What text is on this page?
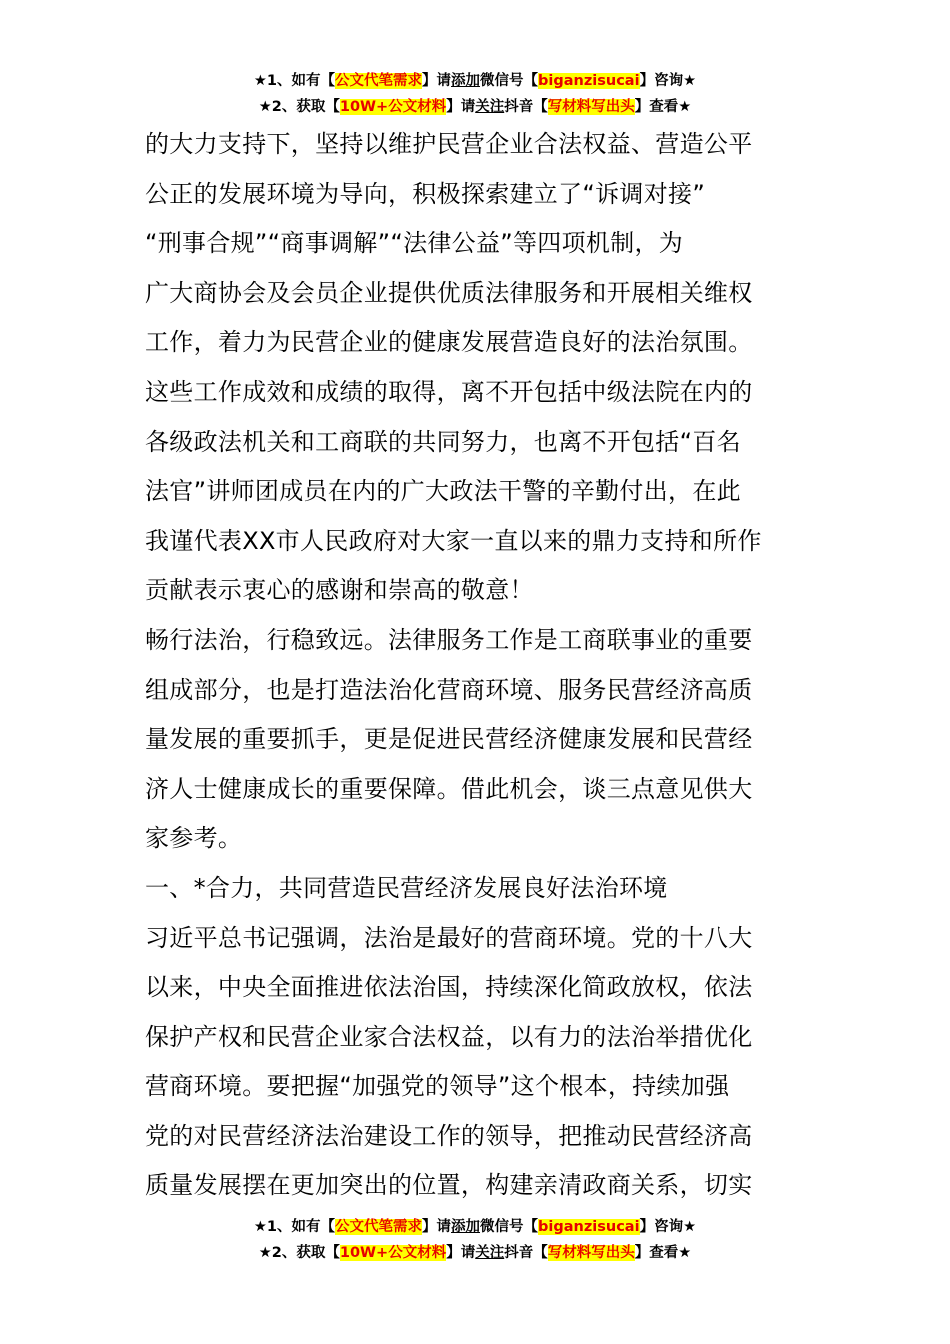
★1、如有【公文代笔需求】请添加微信号【biganzisucai】咨询★
★2、获取【10W+公文材料】请关注抖音【写材料写出头】查看★

的大力支持下，坚持以维护民营企业合法权益、营造公平

公正的发展环境为导向，积极探索建立了“诉调对接”

“刑事合规”“商事调解”“法律公益”等四项机制，为

广大商协会及会员企业提供优质法律服务和开展相关维权

工作，着力为民营企业的健康发展营造良好的法治氛围。

这些工作成效和成绩的取得，离不开包括中级法院在内的

各级政法机关和工商联的共同努力，也离不开包括“百名

法官”讲师团成员在内的广大政法干警的辛勤付出，在此

我谨代表XX市人民政府对大家一直以来的鼎力支持和所作

贡献表示衷心的感谢和崇高的敬意！

畅行法治，行稳致远。法律服务工作是工商联事业的重要

组成部分，也是打造法治化营商环境、服务民营经济高质

量发展的重要抓手，更是促进民营经济健康发展和民营经

济人士健康成长的重要保障。借此机会，谈三点意见供大

家参考。

一、*合力，共同营造民营经济发展良好法治环境

习近平总书记强调，法治是最好的营商环境。党的十八大

以来，中央全面推进依法治国，持续深化简政放权，依法

保护产权和民营企业家合法权益，以有力的法治举措优化

营商环境。要把握“加强党的领导”这个根本，持续加强

党的对民营经济法治建设工作的领导，把推动民营经济高

质量发展摆在更加突出的位置，构建亲清政商关系，切实

★1、如有【公文代笔需求】请添加微信号【biganzisucai】咨询★
★2、获取【10W+公文材料】请关注抖音【写材料写出头】查看★
